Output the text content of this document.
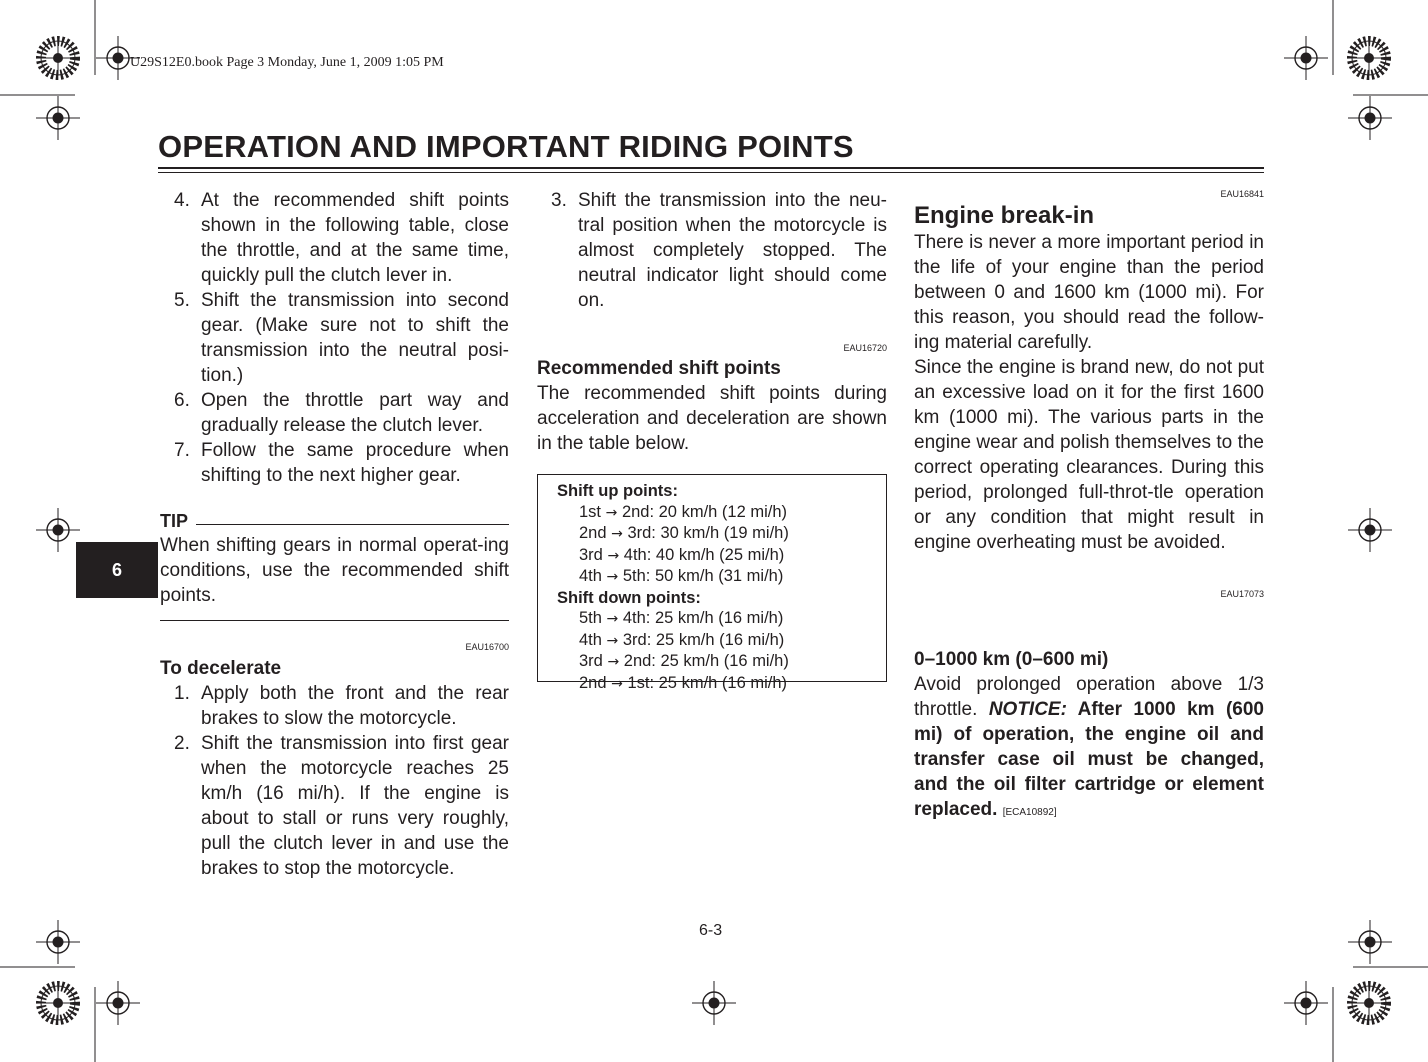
U29S12E0.book Page 3 Monday, June 1, 2009 1:05 PM
OPERATION AND IMPORTANT RIDING POINTS
6
4. At the recommended shift points shown in the following table, close the throttle, and at the same time, quickly pull the clutch lever in.
5. Shift the transmission into second gear. (Make sure not to shift the transmission into the neutral posi-tion.)
6. Open the throttle part way and gradually release the clutch lever.
7. Follow the same procedure when shifting to the next higher gear.
TIP

When shifting gears in normal operat-ing conditions, use the recommended shift points.

EAU16700
To decelerate
1. Apply both the front and the rear brakes to slow the motorcycle.
2. Shift the transmission into first gear when the motorcycle reaches 25 km/h (16 mi/h). If the engine is about to stall or runs very roughly, pull the clutch lever in and use the brakes to stop the motorcycle.
3. Shift the transmission into the neu-tral position when the motorcycle is almost completely stopped. The neutral indicator light should come on.
EAU16720
Recommended shift points

The recommended shift points during acceleration and deceleration are shown in the table below.

Shift up points:
1st → 2nd: 20 km/h (12 mi/h)
2nd → 3rd: 30 km/h (19 mi/h)
3rd → 4th: 40 km/h (25 mi/h)
4th → 5th: 50 km/h (31 mi/h)
Shift down points:
5th → 4th: 25 km/h (16 mi/h)
4th → 3rd: 25 km/h (16 mi/h)
3rd → 2nd: 25 km/h (16 mi/h)
2nd → 1st: 25 km/h (16 mi/h)
EAU16841
Engine break-in

There is never a more important period in the life of your engine than the period between 0 and 1600 km (1000 mi). For this reason, you should read the follow-ing material carefully.

Since the engine is brand new, do not put an excessive load on it for the first 1600 km (1000 mi). The various parts in the engine wear and polish themselves to the correct operating clearances. During this period, prolonged full-throt-tle operation or any condition that might result in engine overheating must be avoided.

EAU17073
0–1000 km (0–600 mi)

Avoid prolonged operation above 1/3 throttle. NOTICE: After 1000 km (600 mi) of operation, the engine oil and transfer case oil must be changed, and the oil filter cartridge or element replaced. [ECA10892]

6-3
